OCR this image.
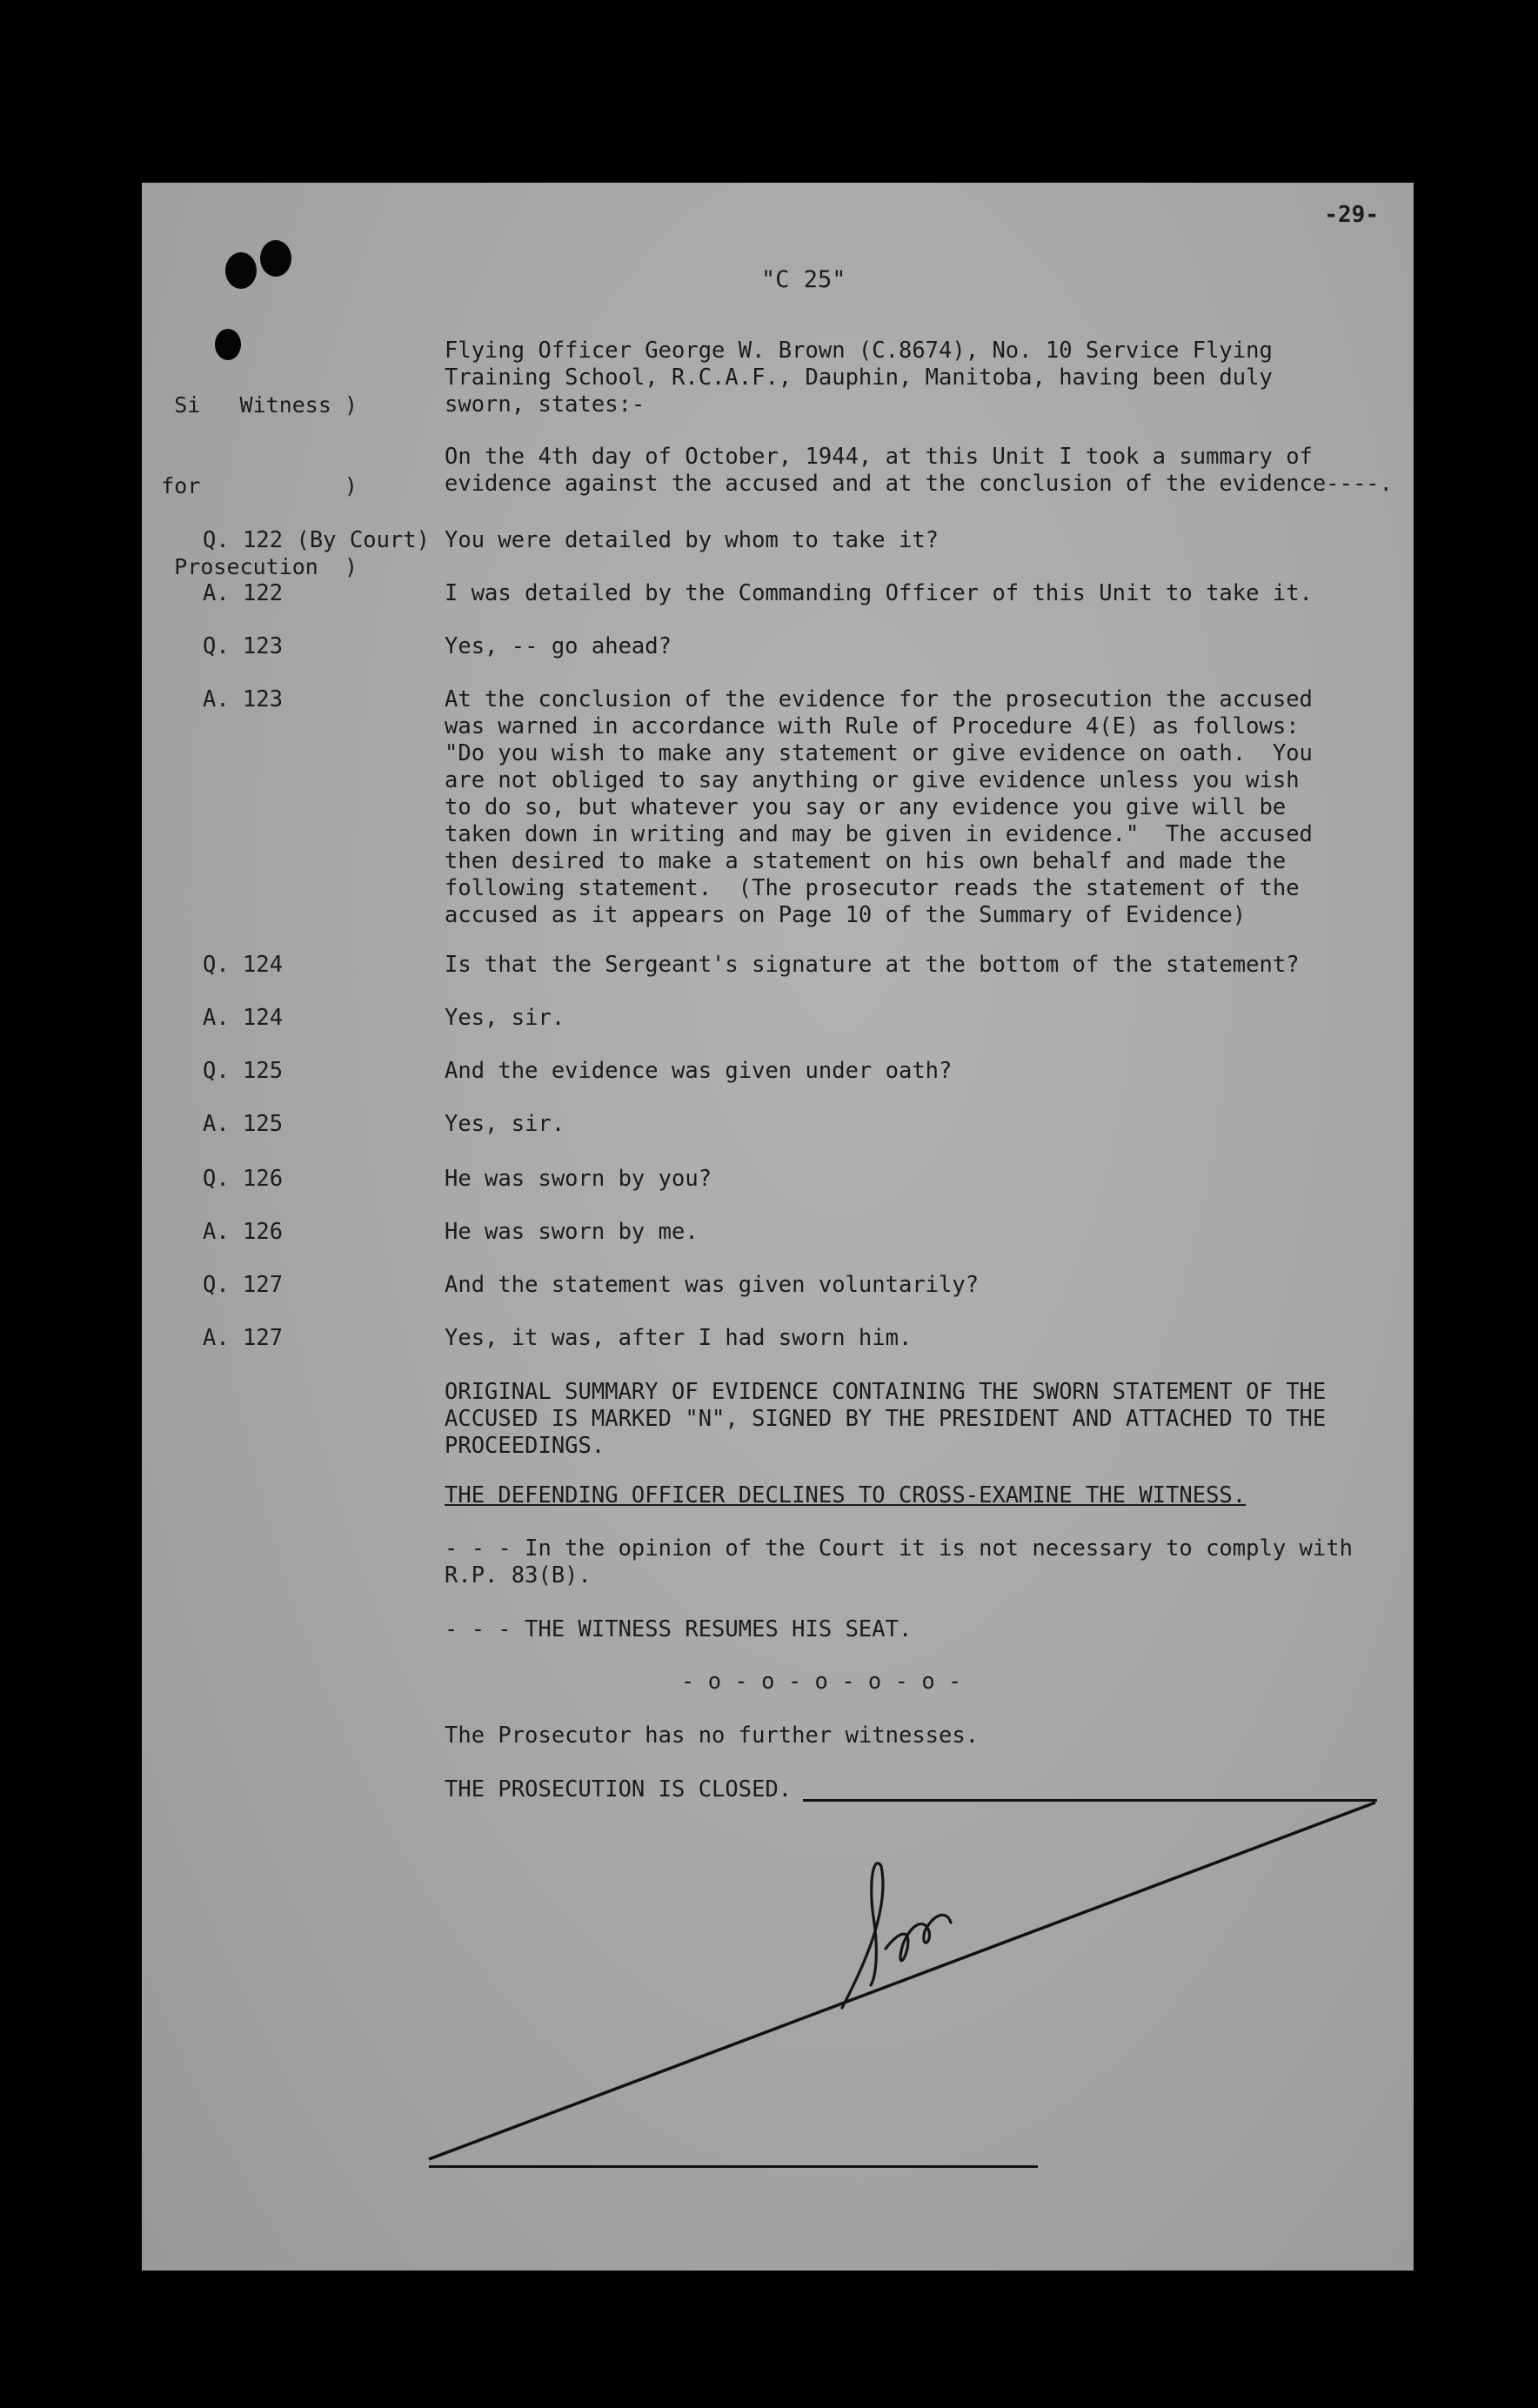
-29-
"C 25"

Si   Witness )

for           )

Prosecution  )

Flying Officer George W. Brown (C.8674), No. 10 Service Flying
Training School, R.C.A.F., Dauphin, Manitoba, having been duly
sworn, states:-
On the 4th day of October, 1944, at this Unit I took a summary of
evidence against the accused and at the conclusion of the evidence----.
Q. 122 (By Court) You were detailed by whom to take it?
A. 122	I was detailed by the Commanding Officer of this Unit to take it.
Q. 123	Yes, -- go ahead?
A. 123	At the conclusion of the evidence for the prosecution the accused
was warned in accordance with Rule of Procedure 4(E) as follows:
"Do you wish to make any statement or give evidence on oath.  You
are not obliged to say anything or give evidence unless you wish
to do so, but whatever you say or any evidence you give will be
taken down in writing and may be given in evidence."  The accused
then desired to make a statement on his own behalf and made the
following statement.  (The prosecutor reads the statement of the
accused as it appears on Page 10 of the Summary of Evidence)
Q. 124	Is that the Sergeant's signature at the bottom of the statement?
A. 124	Yes, sir.
Q. 125	And the evidence was given under oath?
A. 125	Yes, sir.
Q. 126	He was sworn by you?
A. 126	He was sworn by me.
Q. 127	And the statement was given voluntarily?
A. 127	Yes, it was, after I had sworn him.
ORIGINAL SUMMARY OF EVIDENCE CONTAINING THE SWORN STATEMENT OF THE
ACCUSED IS MARKED "N", SIGNED BY THE PRESIDENT AND ATTACHED TO THE
PROCEEDINGS.
THE DEFENDING OFFICER DECLINES TO CROSS-EXAMINE THE WITNESS.
- - - In the opinion of the Court it is not necessary to comply with
R.P. 83(B).
- - - THE WITNESS RESUMES HIS SEAT.
- o - o - o - o - o -
The Prosecutor has no further witnesses.
THE PROSECUTION IS CLOSED.
